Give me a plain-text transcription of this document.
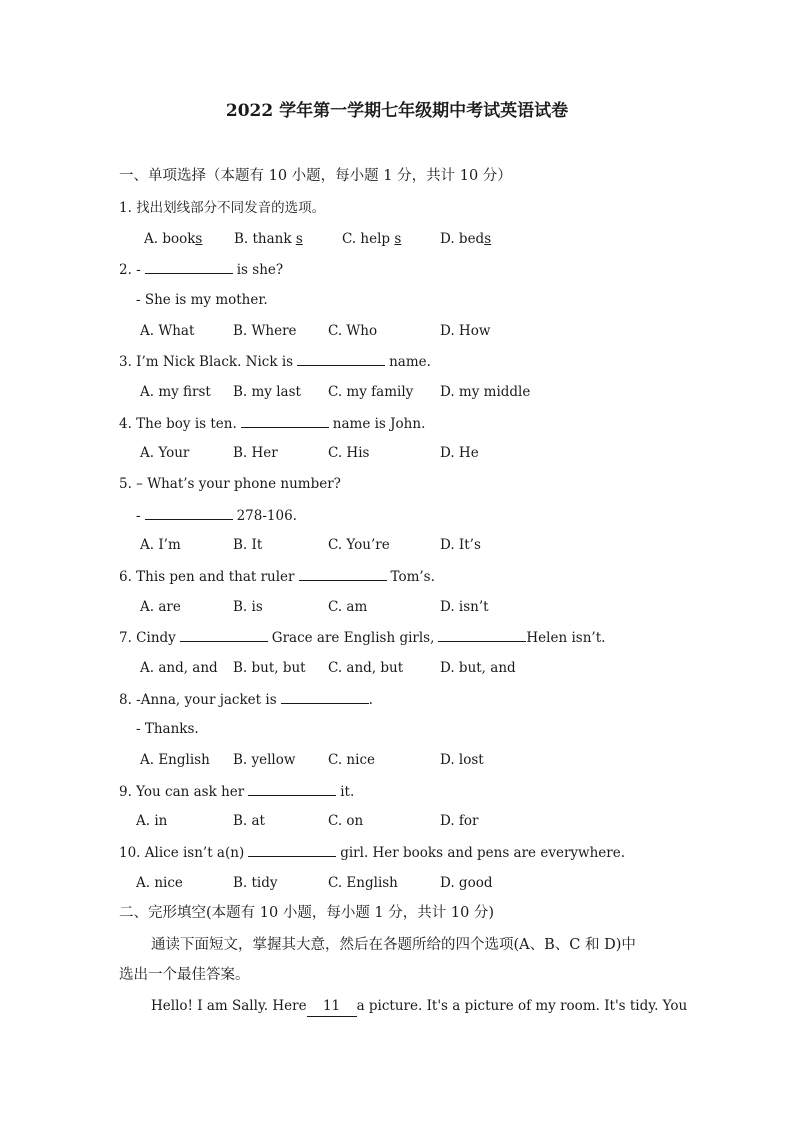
2022 学年第一学期七年级期中考试英语试卷
一、单项选择（本题有 10 小题，每小题 1 分，共计 10 分）
1. 找出划线部分不同发音的选项。
A. books B. thank s	C. help s	D. beds
2. -	is she?
- She is my mother.
A. What	B. Where C. Who	D. How
3. I’m Nick Black. Nick is	name.
A. my first B. my last C. my family D. my middle
4. The boy is ten.	name is John.
A. Your	B. Her	C. His	D. He
5. – What’s your phone number?
-	278-106.
A. I’m	B. It	C. You’re	D. It’s
6. This pen and that ruler	Tom’s.
A. are	B. is	C. am	D. isn’t
7. Cindy	Grace are English girls,	Helen isn’t.
A. and, and B. but, but C. and, but	D. but, and
8. -Anna, your jacket is	.
- Thanks.
A. English B. yellow C. nice	D. lost
9. You can ask her	it.
A. in	B. at	C. on	D. for
10. Alice isn’t a(n)	girl. Her books and pens are everywhere.
A. nice	B. tidy	C. English	D. good
二、完形填空(本题有 10 小题，每小题 1 分，共计 10 分)
通读下面短文，掌握其大意，然后在各题所给的四个选项(A、B、C 和 D)中
选出一个最佳答案。
Hello! I am Sally. Here 11 a picture. It's a picture of my room. It's tidy. You
